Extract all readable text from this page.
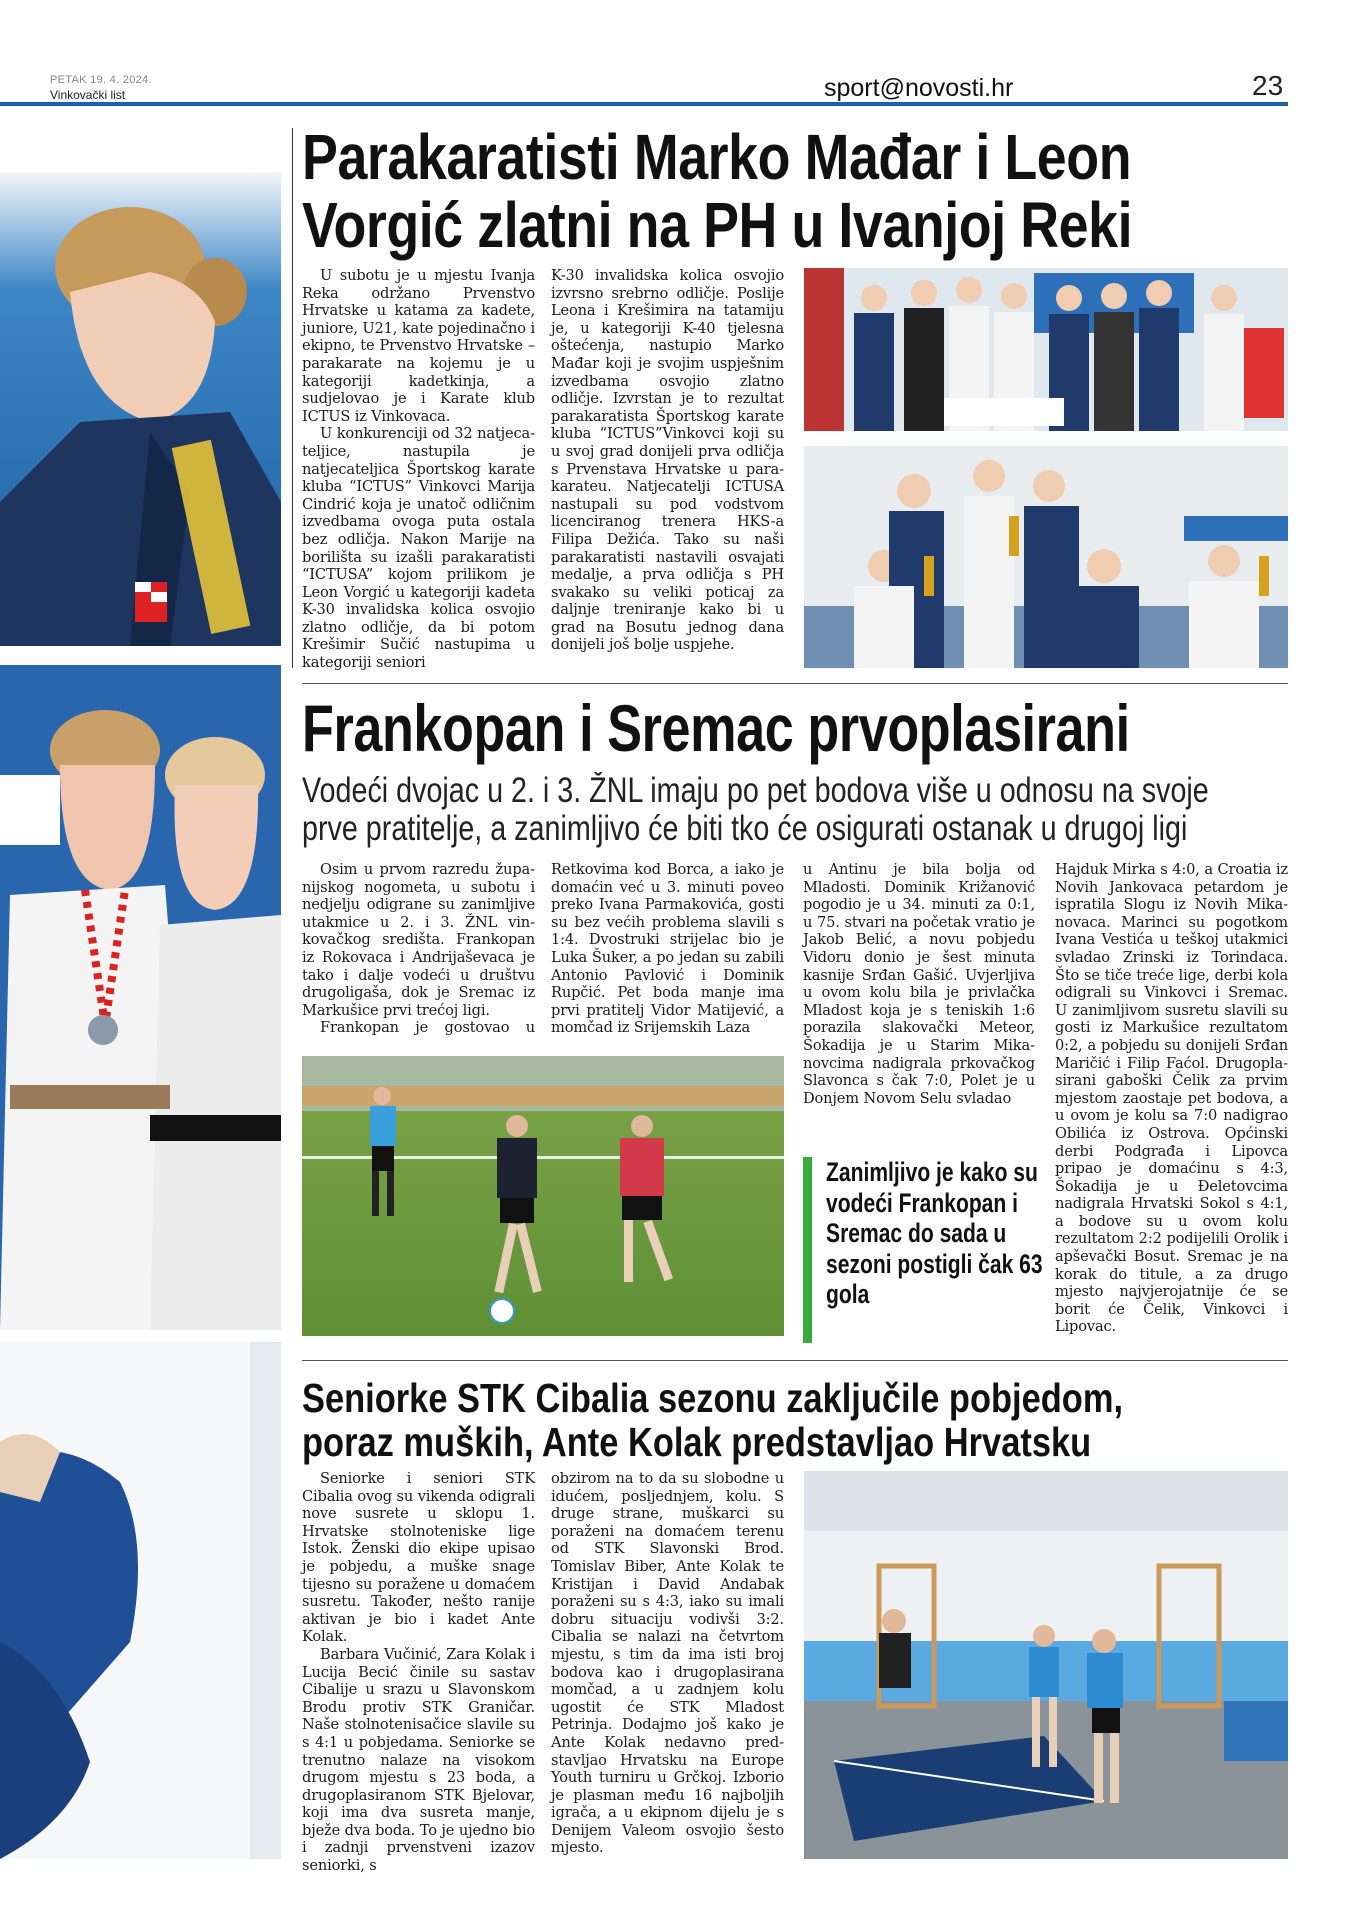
PETAK 19. 4. 2024.
Vinkovački list	sport@novosti.hr	23
Parakaratisti Marko Mađar i Leon
Vorgić zlatni na PH u Ivanjoj Reki

U subotu je u mjestu Ivanja Reka održano Prvenstvo Hrvatske u katama za kadete, juniore, U21, kate pojedinačno i ekipno, te Prvenstvo Hrvatske – parakarate na kojemu je u kategoriji kadetkinja, a sudjelovao je i Karate klub ICTUS iz Vinkovaca.

U konkurenciji od 32 natjecateljice, nastupila je natjecateljica Športskog karate kluba “ICTUS” Vinkovci Marija Cindrić koja je unatoč odličnim izvedbama ovoga puta ostala bez odličja. Nakon Marije na borilišta su izašli parakaratisti “ICTUSA” kojom prilikom je Leon Vorgić u kategoriji kadeta K-30 invalidska kolica osvojio zlatno odličje, da bi potom Krešimir Sučić nastupima u kategoriji seniori

K-30 invalidska kolica osvojio izvrsno srebrno odličje. Poslije Leona i Krešimira na tatamiju je, u kategoriji K-40 tjelesna oštećenja, nastupio Marko Mađar koji je svojim uspješnim izvedbama osvojio zlatno odličje. Izvrstan je to rezultat parakaratista Športskog karate kluba “ICTUS”Vinkovci koji su u svoj grad donijeli prva odličja s Prvenstava Hrvatske u parakarateu. Natjecatelji ICTUSA nastupali su pod vodstvom licenciranog trenera HKS-a Filipa Dežića. Tako su naši parakaratisti nastavili osvajati medalje, a prva odličja s PH svakako su veliki poticaj za daljnje treniranje kako bi u grad na Bosutu jednog dana donijeli još bolje uspjehe.

Frankopan i Sremac prvoplasirani
Vodeći dvojac u 2. i 3. ŽNL imaju po pet bodova više u odnosu na svoje
prve pratitelje, a zanimljivo će biti tko će osigurati ostanak u drugoj ligi

Osim u prvom razredu županijskog nogometa, u subotu i nedjelju odigrane su zanimljive utakmice u 2. i 3. ŽNL vinkovačkog središta. Frankopan iz Rokovaca i Andrijaševaca je tako i dalje vodeći u društvu drugoligaša, dok je Sremac iz Markušice prvi trećoj ligi.

Frankopan je gostovao u

Retkovima kod Borca, a iako je domaćin već u 3. minuti poveo preko Ivana Parmakovića, gosti su bez većih problema slavili s 1:4. Dvostruki strijelac bio je Luka Šuker, a po jedan su zabili Antonio Pavlović i Dominik Rupčić. Pet boda manje ima prvi pratitelj Vidor Matijević, a momčad iz Srijemskih Laza

u Antinu je bila bolja od Mladosti. Dominik Križanović pogodio je u 34. minuti za 0:1, u 75. stvari na početak vratio je Jakob Belić, a novu pobjedu Vidoru donio je šest minuta kasnije Srđan Gašić. Uvjerljiva u ovom kolu bila je privlačka Mladost koja je s teniskih 1:6 porazila slakovački Meteor, Šokadija je u Starim Mikanovcima nadigrala prkovačkog Slavonca s čak 7:0, Polet je u Donjem Novom Selu svladao

Hajduk Mirka s 4:0, a Croatia iz Novih Jankovaca petardom je ispratila Slogu iz Novih Mikanovaca. Marinci su pogotkom Ivana Vestića u teškoj utakmici svladao Zrinski iz Torindaca. Što se tiče treće lige, derbi kola odigrali su Vinkovci i Sremac. U zanimljivom susretu slavili su gosti iz Markušice rezultatom 0:2, a pobjedu su donijeli Srđan Maričić i Filip Faćol. Drugoplasirani gaboški Čelik za prvim mjestom zaostaje pet bodova, a u ovom je kolu sa 7:0 nadigrao Obilića iz Ostrova. Općinski derbi Podgrađa i Lipovca pripao je domaćinu s 4:3, Šokadija je u Đeletovcima nadigrala Hrvatski Sokol s 4:1, a bodove su u ovom kolu rezultatom 2:2 podijelili Orolik i apševački Bosut. Sremac je na korak do titule, a za drugo mjesto najvjerojatnije će se borit će Čelik, Vinkovci i Lipovac.

Zanimljivo je kako su vodeći Frankopan i Sremac do sada u sezoni postigli čak 63 gola
Seniorke STK Cibalia sezonu zaključile pobjedom,
poraz muških, Ante Kolak predstavljao Hrvatsku

Seniorke i seniori STK Cibalia ovog su vikenda odigrali nove susrete u sklopu 1. Hrvatske stolnoteniske lige Istok. Ženski dio ekipe upisao je pobjedu, a muške snage tijesno su poražene u domaćem susretu. Također, nešto ranije aktivan je bio i kadet Ante Kolak.

Barbara Vučinić, Zara Kolak i Lucija Becić činile su sastav Cibalije u srazu u Slavonskom Brodu protiv STK Graničar. Naše stolnotenisačice slavile su s 4:1 u pobjedama. Seniorke se trenutno nalaze na visokom drugom mjestu s 23 boda, a drugoplasiranom STK Bjelovar, koji ima dva susreta manje, bježe dva boda. To je ujedno bio i zadnji prvenstveni izazov seniorki, s

obzirom na to da su slobodne u idućem, posljednjem, kolu. S druge strane, muškarci su poraženi na domaćem terenu od STK Slavonski Brod. Tomislav Biber, Ante Kolak te Kristijan i David Andabak poraženi su s 4:3, iako su imali dobru situaciju vodivši 3:2. Cibalia se nalazi na četvrtom mjestu, s tim da ima isti broj bodova kao i drugoplasirana momčad, a u zadnjem kolu ugostit će STK Mladost Petrinja. Dodajmo još kako je Ante Kolak nedavno predstavljao Hrvatsku na Europe Youth turniru u Grčkoj. Izborio je plasman među 16 najboljih igrača, a u ekipnom dijelu je s Denijem Valeom osvojio šesto mjesto.
